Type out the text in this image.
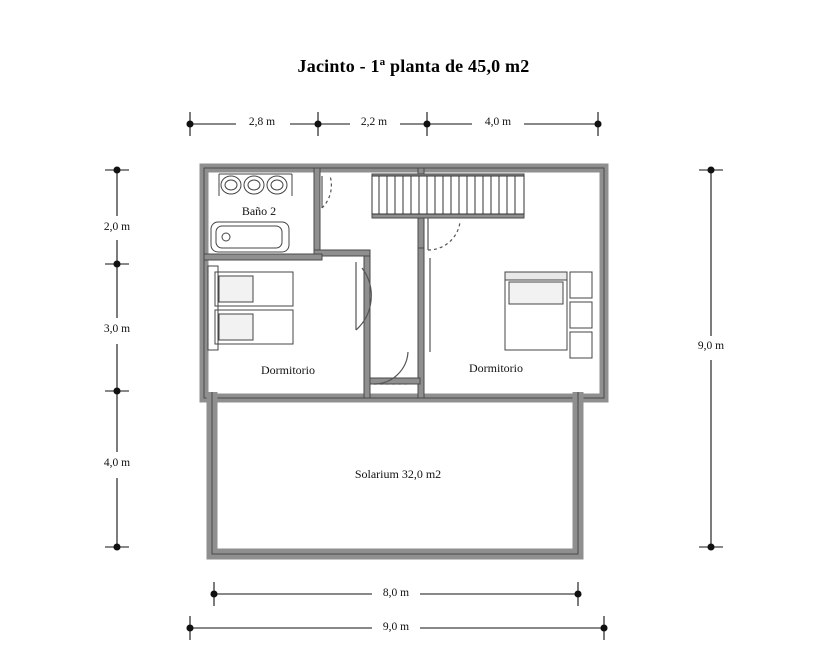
Jacinto - 1ª planta de 45,0 m2
2,8 m	2,2 m	4,0 m
2,0 m
3,0 m
4,0 m
9,0 m
8,0 m
9,0 m
Baño 2
Dormitorio	Dormitorio
Solarium 32,0 m2
